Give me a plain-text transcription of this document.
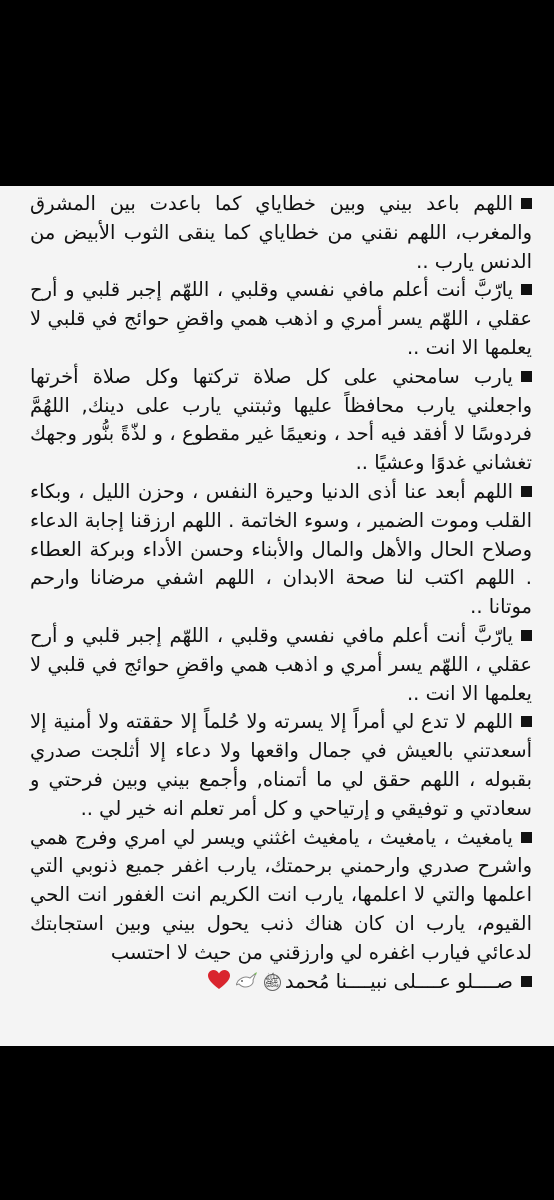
اللهم باعد بيني وبين خطاياي كما باعدت بين المشرق والمغرب، اللهم نقني من خطاياي كما ينقى الثوب الأبيض من الدنس يارب ..

يارّبَّ أنت أعلم مافي نفسي وقلبي ، اللهّم إجبر قلبي و أرح عقلي ، اللهّم يسر أمري و اذهب همي واقضِ حوائج في قلبي لا يعلمها الا انت ..

يارب سامحني على كل صلاة تركتها وكل صلاة أخرتها واجعلني يارب محافظاً عليها وثبتني يارب على دينك, اللهُمَّ فردوسًا لا أفقد فيه أحد ، ونعيمًا غير مقطوع ، و لذّةً بنُّور وجهك تغشاني غدوًا وعشيًا ..

اللهم أبعد عنا أذى الدنيا وحيرة النفس ، وحزن الليل ، وبكاء القلب وموت الضمير ، وسوء الخاتمة . اللهم ارزقنا إجابة الدعاء وصلاح الحال والأهل والمال والأبناء وحسن الأداء وبركة العطاء . اللهم اكتب لنا صحة الابدان ، اللهم اشفي مرضانا وارحم موتانا ..

يارّبَّ أنت أعلم مافي نفسي وقلبي ، اللهّم إجبر قلبي و أرح عقلي ، اللهّم يسر أمري و اذهب همي واقضِ حوائج في قلبي لا يعلمها الا انت ..

اللهم لا تدع لي أمراً إلا يسرته ولا حُلماً إلا حققته ولا أمنية إلا أسعدتني بالعيش في جمال واقعها ولا دعاء إلا أثلجت صدري بقبوله ، اللهم حقق لي ما أتمناه, وأجمع بيني وبين فرحتي و سعادتي و توفيقي و إرتياحي و كل أمر تعلم انه خير لي ..

يامغيث ، يامغيث ، يامغيث اغثني ويسر لي امري وفرج همي واشرح صدري وارحمني برحمتك، يارب اغفر جميع ذنوبي التي اعلمها والتي لا اعلمها، يارب انت الكريم انت الغفور انت الحي القيوم، يارب ان كان هناك ذنب يحول بيني وبين استجابتك لدعائي فيارب اغفره لي وارزقني من حيث لا احتسب

صــــلو عــــلى نبيــــنا مُحمدﷺ
